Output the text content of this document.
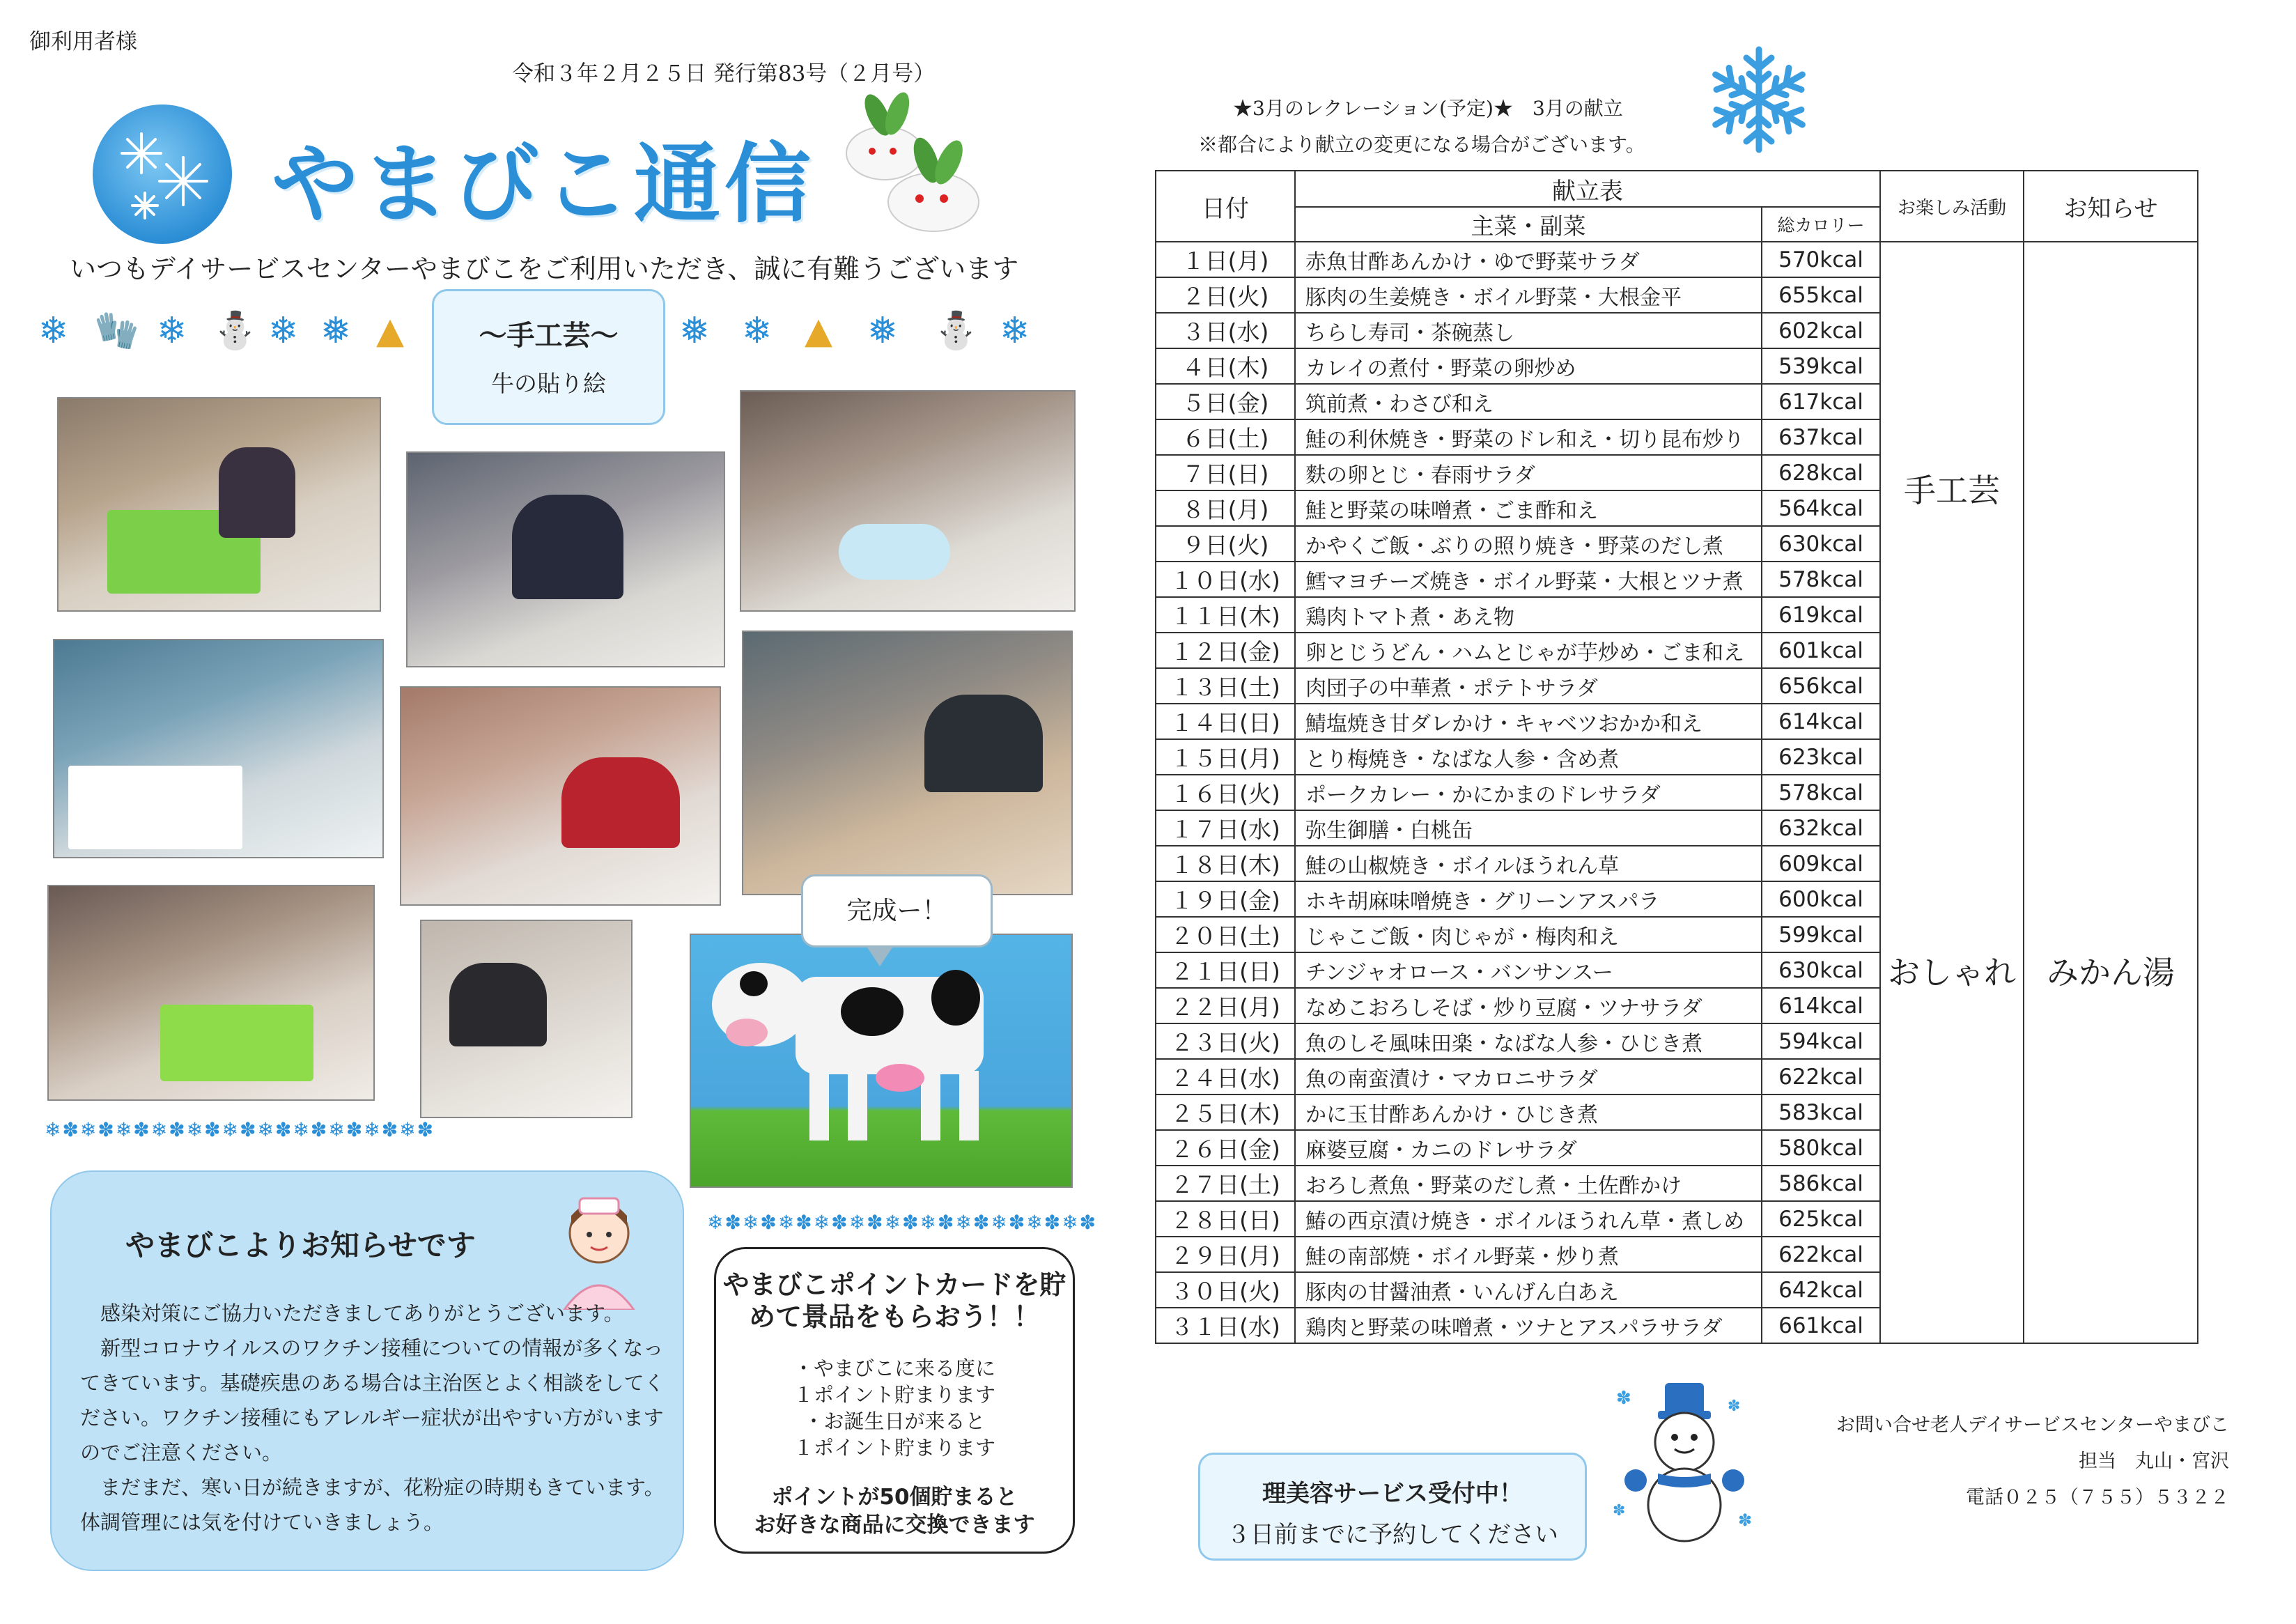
御利用者様
令和３年２月２５日 発行第83号（２月号）
やまびこ通信
いつもデイサービスセンターやまびこをご利用いただき、誠に有難うございます
❄ 🧤 ❄ ⛄ ❄ ❅ ▲	❅ ❄ ▲ ❅ ⛄ ❄
～手工芸～
牛の貼り絵
完成ー！
❄✽❄✽❄✽❄✽❄✽❄✽❄✽❄✽❄✽❄✽❄✽
❄✽❄✽❄✽❄✽❄✽❄✽❄✽❄✽❄✽❄✽❄✽
やまびこよりお知らせです

感染対策にご協力いただきましてありがとうございます。

新型コロナウイルスのワクチン接種についての情報が多くなってきています。基礎疾患のある場合は主治医とよく相談をしてください。ワクチン接種にもアレルギー症状が出やすい方がいますのでご注意ください。

まだまだ、寒い日が続きますが、花粉症の時期もきています。体調管理には気を付けていきましょう。

やまびこポイントカードを貯めて景品をもらおう！！
・やまびこに来る度に
１ポイント貯まります
・お誕生日が来ると
１ポイント貯まります
ポイントが50個貯まると
お好きな商品に交換できます
★3月のレクレーション(予定)★　3月の献立
※都合により献立の変更になる場合がございます。
日付	献立表		お楽しみ活動	お知らせ
	主菜・副菜	総カロリー		
１日(月)	赤魚甘酢あんかけ・ゆで野菜サラダ	570kcal	手工芸
おしゃれ	みかん湯

２日(火)	豚肉の生姜焼き・ボイル野菜・大根金平	655kcal		
３日(水)	ちらし寿司・茶碗蒸し	602kcal		
４日(木)	カレイの煮付・野菜の卵炒め	539kcal		
５日(金)	筑前煮・わさび和え	617kcal		
６日(土)	鮭の利休焼き・野菜のドレ和え・切り昆布炒り	637kcal		
７日(日)	麩の卵とじ・春雨サラダ	628kcal		
８日(月)	鮭と野菜の味噌煮・ごま酢和え	564kcal		
９日(火)	かやくご飯・ぶりの照り焼き・野菜のだし煮	630kcal		
１０日(水)	鱈マヨチーズ焼き・ボイル野菜・大根とツナ煮	578kcal		
１１日(木)	鶏肉トマト煮・あえ物	619kcal		
１２日(金)	卵とじうどん・ハムとじゃが芋炒め・ごま和え	601kcal		
１３日(土)	肉団子の中華煮・ポテトサラダ	656kcal		
１４日(日)	鯖塩焼き甘ダレかけ・キャベツおかか和え	614kcal		
１５日(月)	とり梅焼き・なばな人参・含め煮	623kcal		
１６日(火)	ポークカレー・かにかまのドレサラダ	578kcal		
１７日(水)	弥生御膳・白桃缶	632kcal		
１８日(木)	鮭の山椒焼き・ボイルほうれん草	609kcal		
１９日(金)	ホキ胡麻味噌焼き・グリーンアスパラ	600kcal		
２０日(土)	じゃこご飯・肉じゃが・梅肉和え	599kcal		
２１日(日)	チンジャオロース・バンサンスー	630kcal		
２２日(月)	なめこおろしそば・炒り豆腐・ツナサラダ	614kcal		
２３日(火)	魚のしそ風味田楽・なばな人参・ひじき煮	594kcal		
２４日(水)	魚の南蛮漬け・マカロニサラダ	622kcal		
２５日(木)	かに玉甘酢あんかけ・ひじき煮	583kcal		
２６日(金)	麻婆豆腐・カニのドレサラダ	580kcal		
２７日(土)	おろし煮魚・野菜のだし煮・土佐酢かけ	586kcal		
２８日(日)	鰆の西京漬け焼き・ボイルほうれん草・煮しめ	625kcal		
２９日(月)	鮭の南部焼・ボイル野菜・炒り煮	622kcal		
３０日(火)	豚肉の甘醤油煮・いんげん白あえ	642kcal		
３１日(水)	鶏肉と野菜の味噌煮・ツナとアスパラサラダ	661kcal		
✽	✽
✽	✽
お問い合せ老人デイサービスセンターやまびこ
担当　丸山・宮沢
電話０２５（７５５）５３２２
理美容サービス受付中！
３日前までに予約してください
